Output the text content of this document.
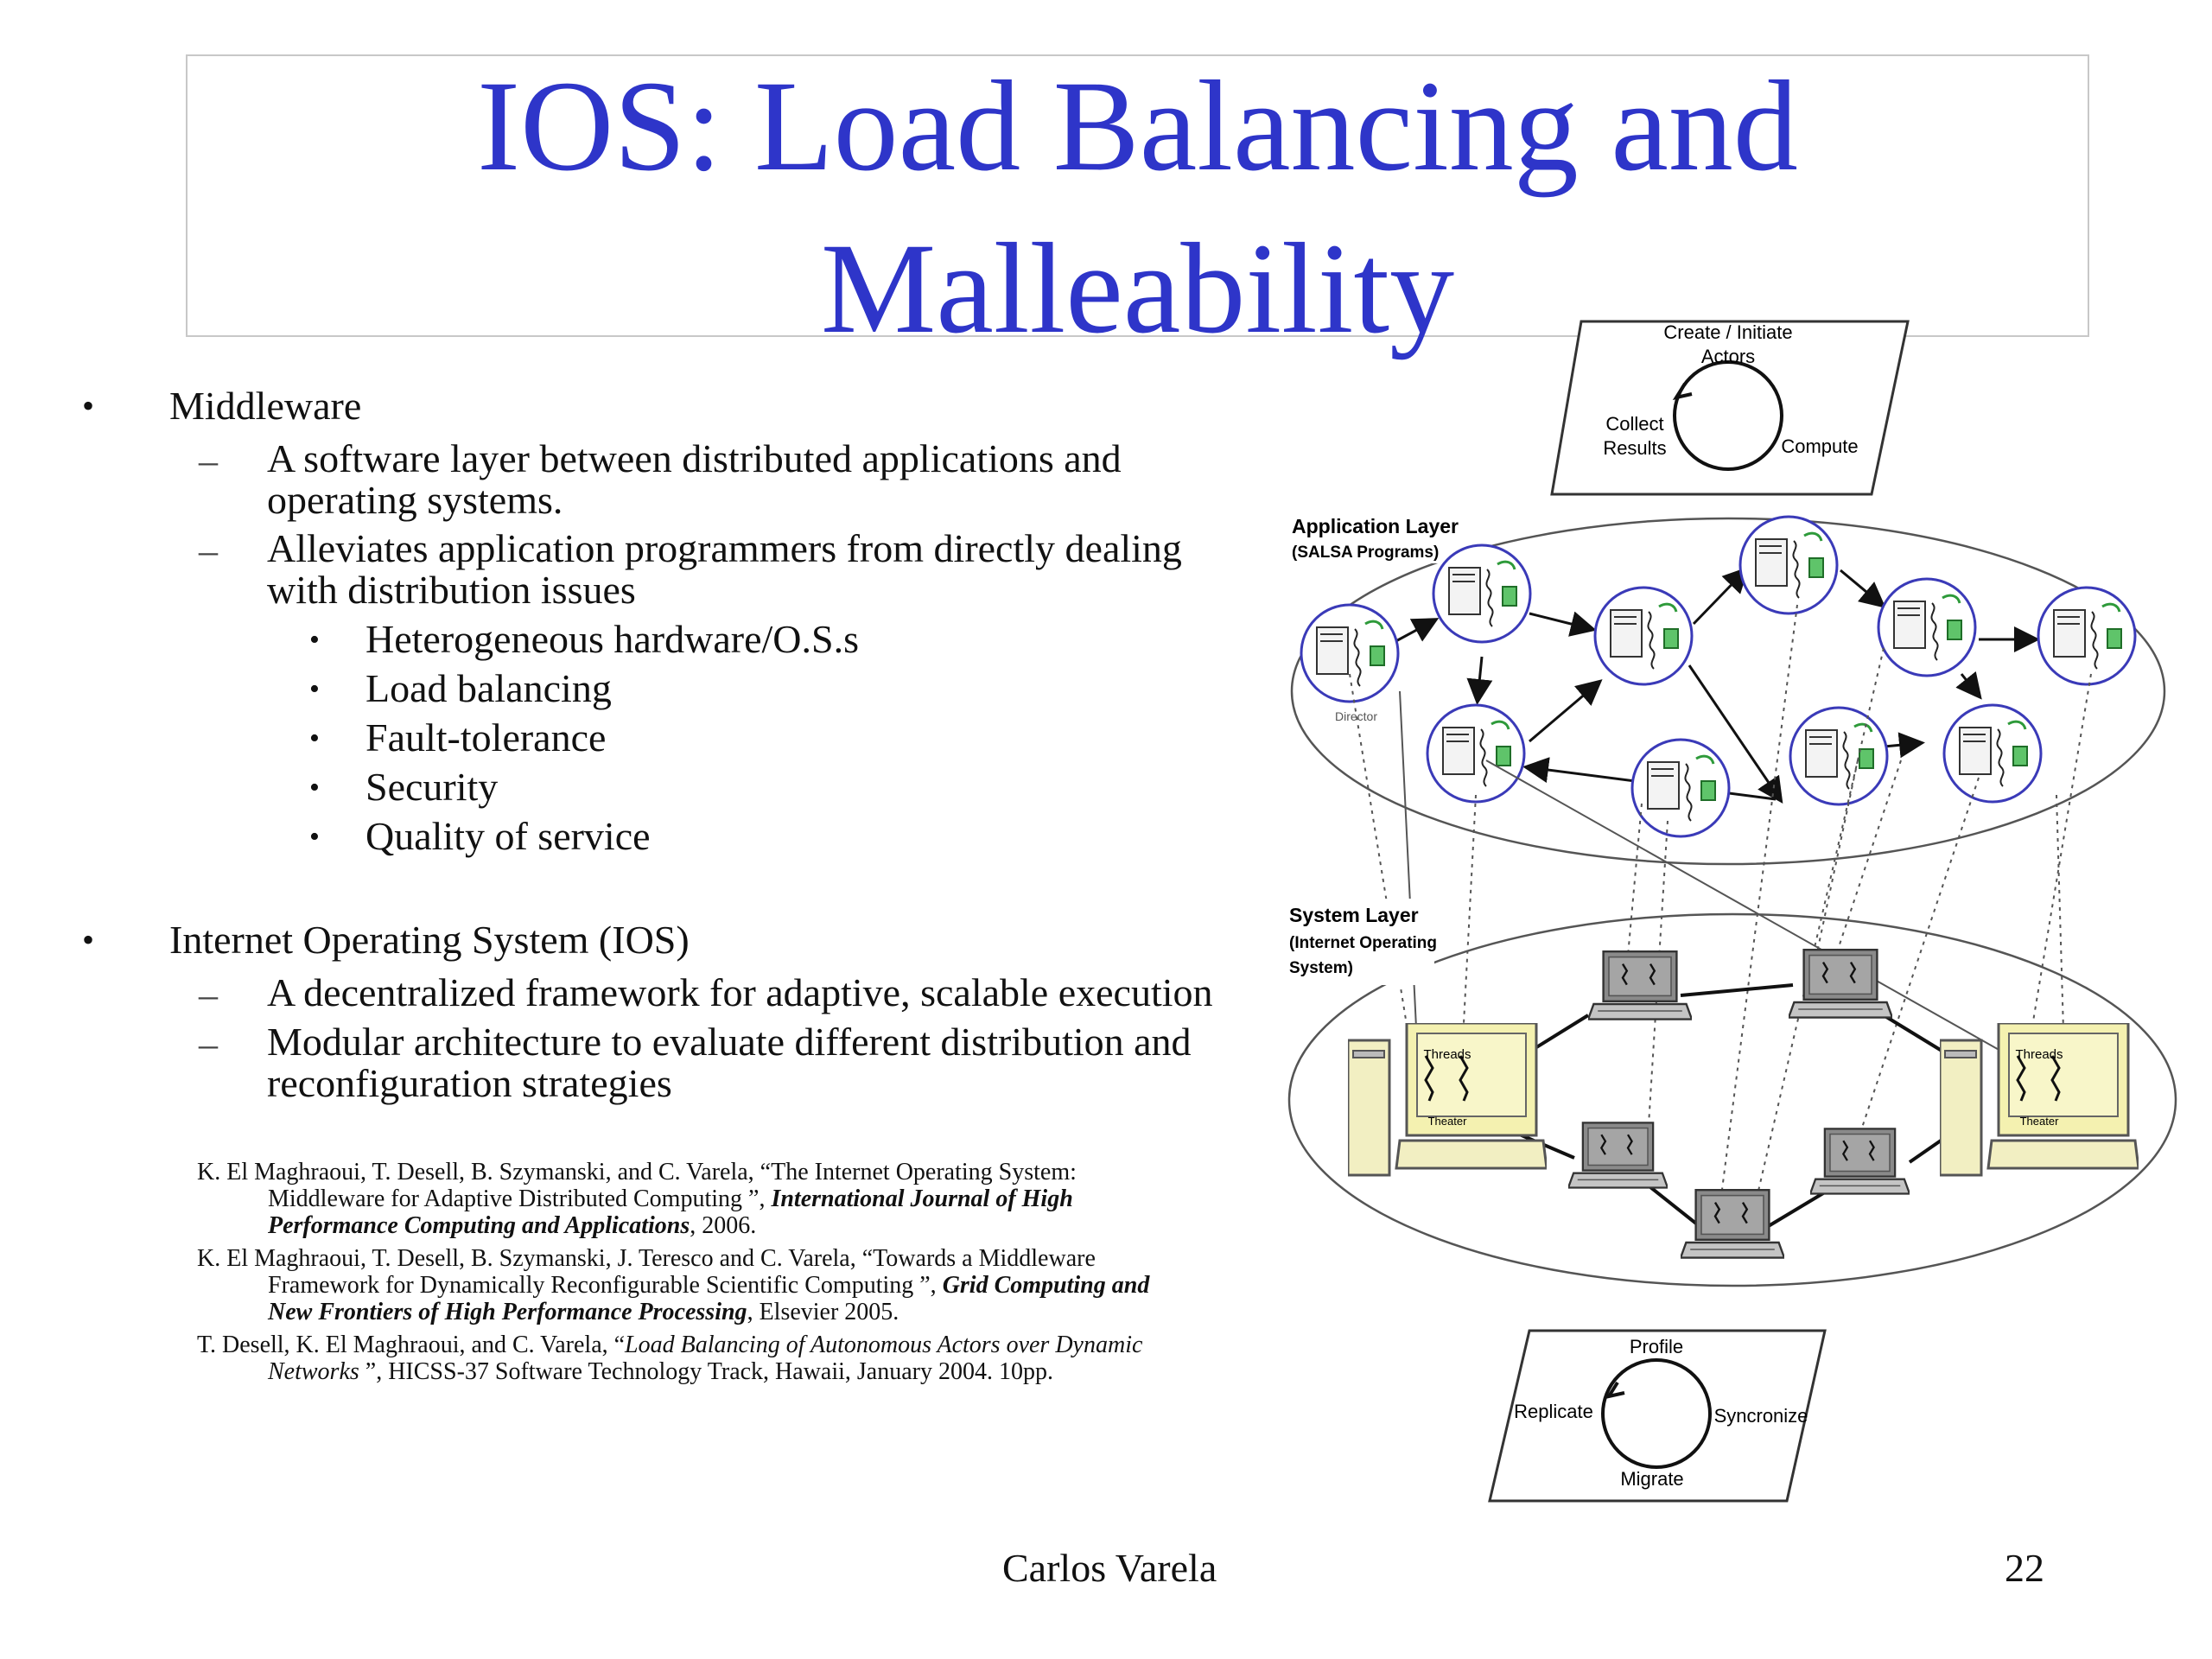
IOS: Load Balancing and
Malleability
• Middleware
– A software layer between distributed applications and
operating systems.
– Alleviates application programmers from directly dealing
with distribution issues
• Heterogeneous hardware/O.S.s
• Load balancing
• Fault-tolerance
• Security
• Quality of service
• Internet Operating System (IOS)
– A decentralized framework for adaptive, scalable execution
– Modular architecture to evaluate different distribution and
reconfiguration strategies
K. El Maghraoui, T. Desell, B. Szymanski, and C. Varela, “The Internet Operating System:
Middleware for Adaptive Distributed Computing ”, International Journal of High
Performance Computing and Applications, 2006.
K. El Maghraoui, T. Desell, B. Szymanski, J. Teresco and C. Varela, “Towards a Middleware
Framework for Dynamically Reconfigurable Scientific Computing ”, Grid Computing and
New Frontiers of High Performance Processing, Elsevier 2005.
T. Desell, K. El Maghraoui, and C. Varela, “Load Balancing of Autonomous Actors over Dynamic
Networks ”, HICSS-37 Software Technology Track, Hawaii, January 2004. 10pp.
Create / Initiate
Actors
Collect
Results	Compute
Application Layer
(SALSA Programs)
Director
System Layer
(Internet Operating
System)
Threads
Theater
Threads
Theater
Profile
Replicate	Syncronize
Migrate
Carlos Varela	22
